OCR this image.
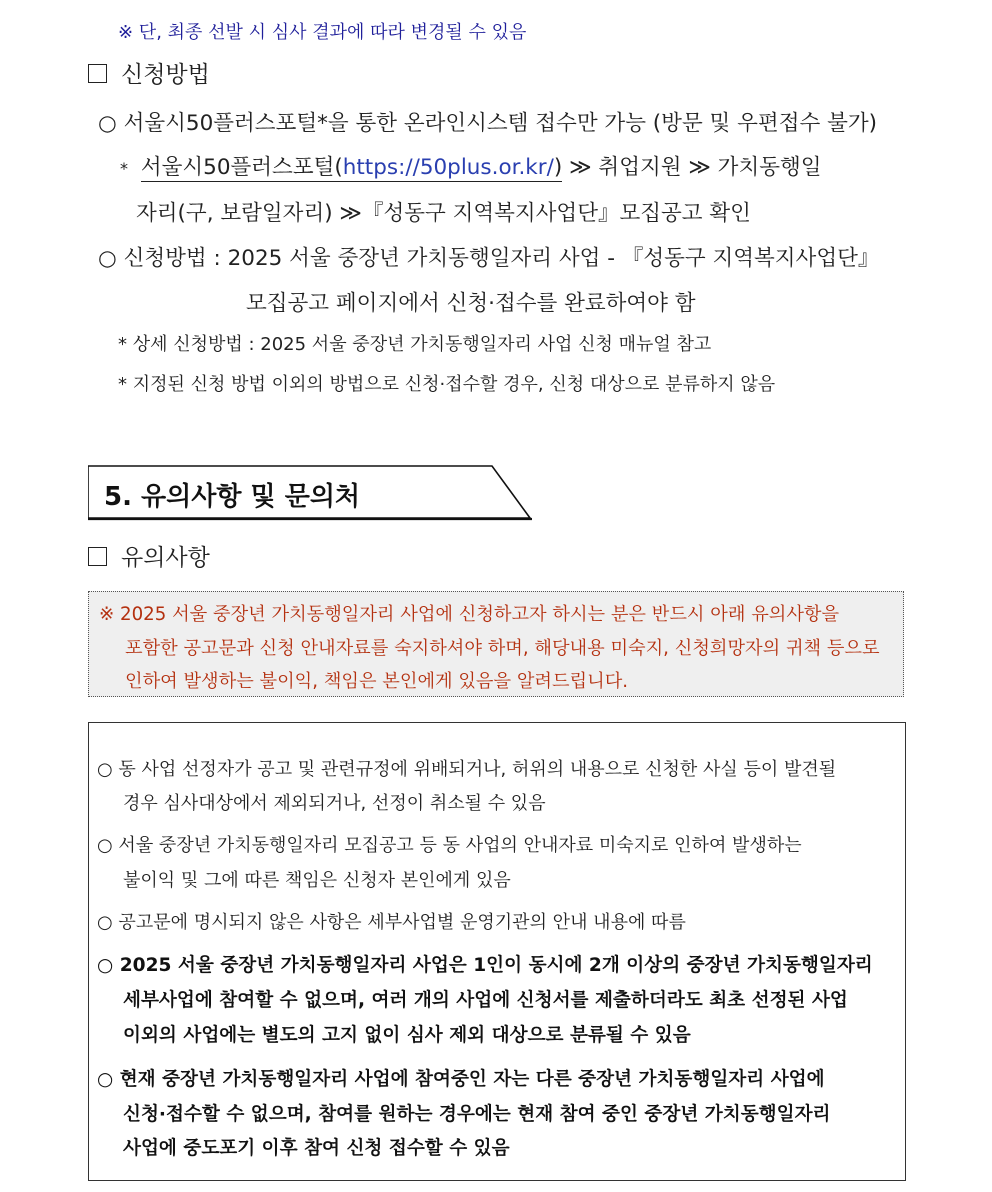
※ 단, 최종 선발 시 심사 결과에 따라 변경될 수 있음
신청방법
○ 서울시50플러스포털*을 통한 온라인시스템 접수만 가능 (방문 및 우편접수 불가)
* 서울시50플러스포털(https://50plus.or.kr/) ≫ 취업지원 ≫ 가치동행일
자리(구, 보람일자리) ≫『성동구 지역복지사업단』모집공고 확인
○ 신청방법 : 2025 서울 중장년 가치동행일자리 사업 - 『성동구 지역복지사업단』
모집공고 페이지에서 신청·접수를 완료하여야 함
* 상세 신청방법 : 2025 서울 중장년 가치동행일자리 사업 신청 매뉴얼 참고
* 지정된 신청 방법 이외의 방법으로 신청·접수할 경우, 신청 대상으로 분류하지 않음
5. 유의사항 및 문의처
유의사항
※ 2025 서울 중장년 가치동행일자리 사업에 신청하고자 하시는 분은 반드시 아래 유의사항을
포함한 공고문과 신청 안내자료를 숙지하셔야 하며, 해당내용 미숙지, 신청희망자의 귀책 등으로
인하여 발생하는 불이익, 책임은 본인에게 있음을 알려드립니다.
○ 동 사업 선정자가 공고 및 관련규정에 위배되거나, 허위의 내용으로 신청한 사실 등이 발견될
경우 심사대상에서 제외되거나, 선정이 취소될 수 있음
○ 서울 중장년 가치동행일자리 모집공고 등 동 사업의 안내자료 미숙지로 인하여 발생하는
불이익 및 그에 따른 책임은 신청자 본인에게 있음
○ 공고문에 명시되지 않은 사항은 세부사업별 운영기관의 안내 내용에 따름
○ 2025 서울 중장년 가치동행일자리 사업은 1인이 동시에 2개 이상의 중장년 가치동행일자리
세부사업에 참여할 수 없으며, 여러 개의 사업에 신청서를 제출하더라도 최초 선정된 사업
이외의 사업에는 별도의 고지 없이 심사 제외 대상으로 분류될 수 있음
○ 현재 중장년 가치동행일자리 사업에 참여중인 자는 다른 중장년 가치동행일자리 사업에
신청·접수할 수 없으며, 참여를 원하는 경우에는 현재 참여 중인 중장년 가치동행일자리
사업에 중도포기 이후 참여 신청 접수할 수 있음
